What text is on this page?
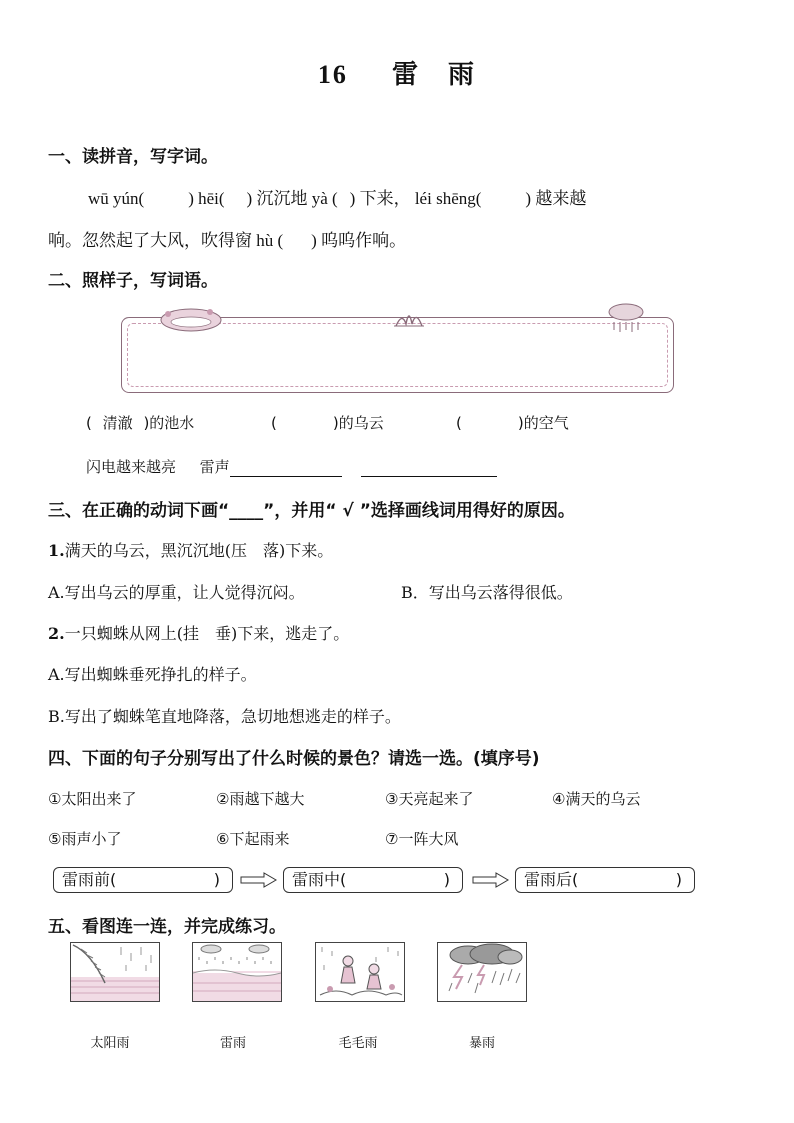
16 雷　雨
一、读拼音，写字词。
wū yún(	) hēi( ) 沉沉地 yà ( ) 下来， léi shēng(	) 越来越
响。忽然起了大风，吹得窗 hù ( ) 呜呜作响。
二、照样子，写词语。
( 清澈 )的池水	(	)的乌云	(	)的空气
闪电越来越亮 雷声
三、在正确的动词下画“____”，并用“ √ ”选择画线词用得好的原因。
1.满天的乌云，黑沉沉地(压　落)下来。
A.写出乌云的厚重，让人觉得沉闷。	B．写出乌云落得很低。
2.一只蜘蛛从网上(挂　垂)下来，逃走了。
A.写出蜘蛛垂死挣扎的样子。
B.写出了蜘蛛笔直地降落，急切地想逃走的样子。
四、下面的句子分别写出了什么时候的景色？请选一选。(填序号)
①太阳出来了	②雨越下越大	③天亮起来了	④满天的乌云
⑤雨声小了	⑥下起雨来	⑦一阵大风
雷雨前(	)	雷雨中(	)	雷雨后(	)
五、看图连一连，并完成练习。
太阳雨	雷雨	毛毛雨	暴雨
